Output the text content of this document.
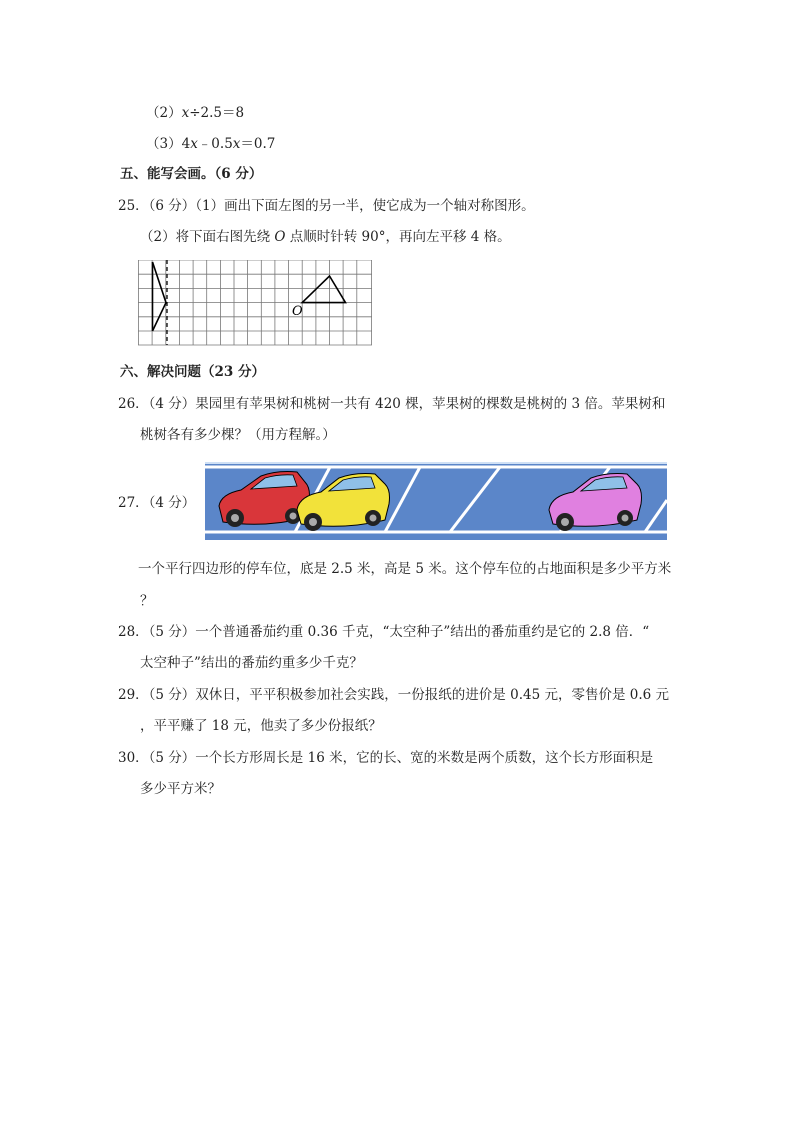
（2）x÷2.5＝8
（3）4x﹣0.5x＝0.7
五、能写会画。（6 分）
25．（6 分）（1）画出下面左图的另一半，使它成为一个轴对称图形。
（2）将下面右图先绕 O 点顺时针转 90°，再向左平移 4 格。
O
六、解决问题（23 分）
26．（4 分）果园里有苹果树和桃树一共有 420 棵，苹果树的棵数是桃树的 3 倍。苹果树和
桃树各有多少棵？（用方程解。）
27．（4 分）
一个平行四边形的停车位，底是 2.5 米，高是 5 米。这个停车位的占地面积是多少平方米
？
28．（5 分）一个普通番茄约重 0.36 千克，“太空种子”结出的番茄重约是它的 2.8 倍．“
太空种子”结出的番茄约重多少千克？
29．（5 分）双休日，平平积极参加社会实践，一份报纸的进价是 0.45 元，零售价是 0.6 元
，平平赚了 18 元，他卖了多少份报纸？
30．（5 分）一个长方形周长是 16 米，它的长、宽的米数是两个质数，这个长方形面积是
多少平方米？
